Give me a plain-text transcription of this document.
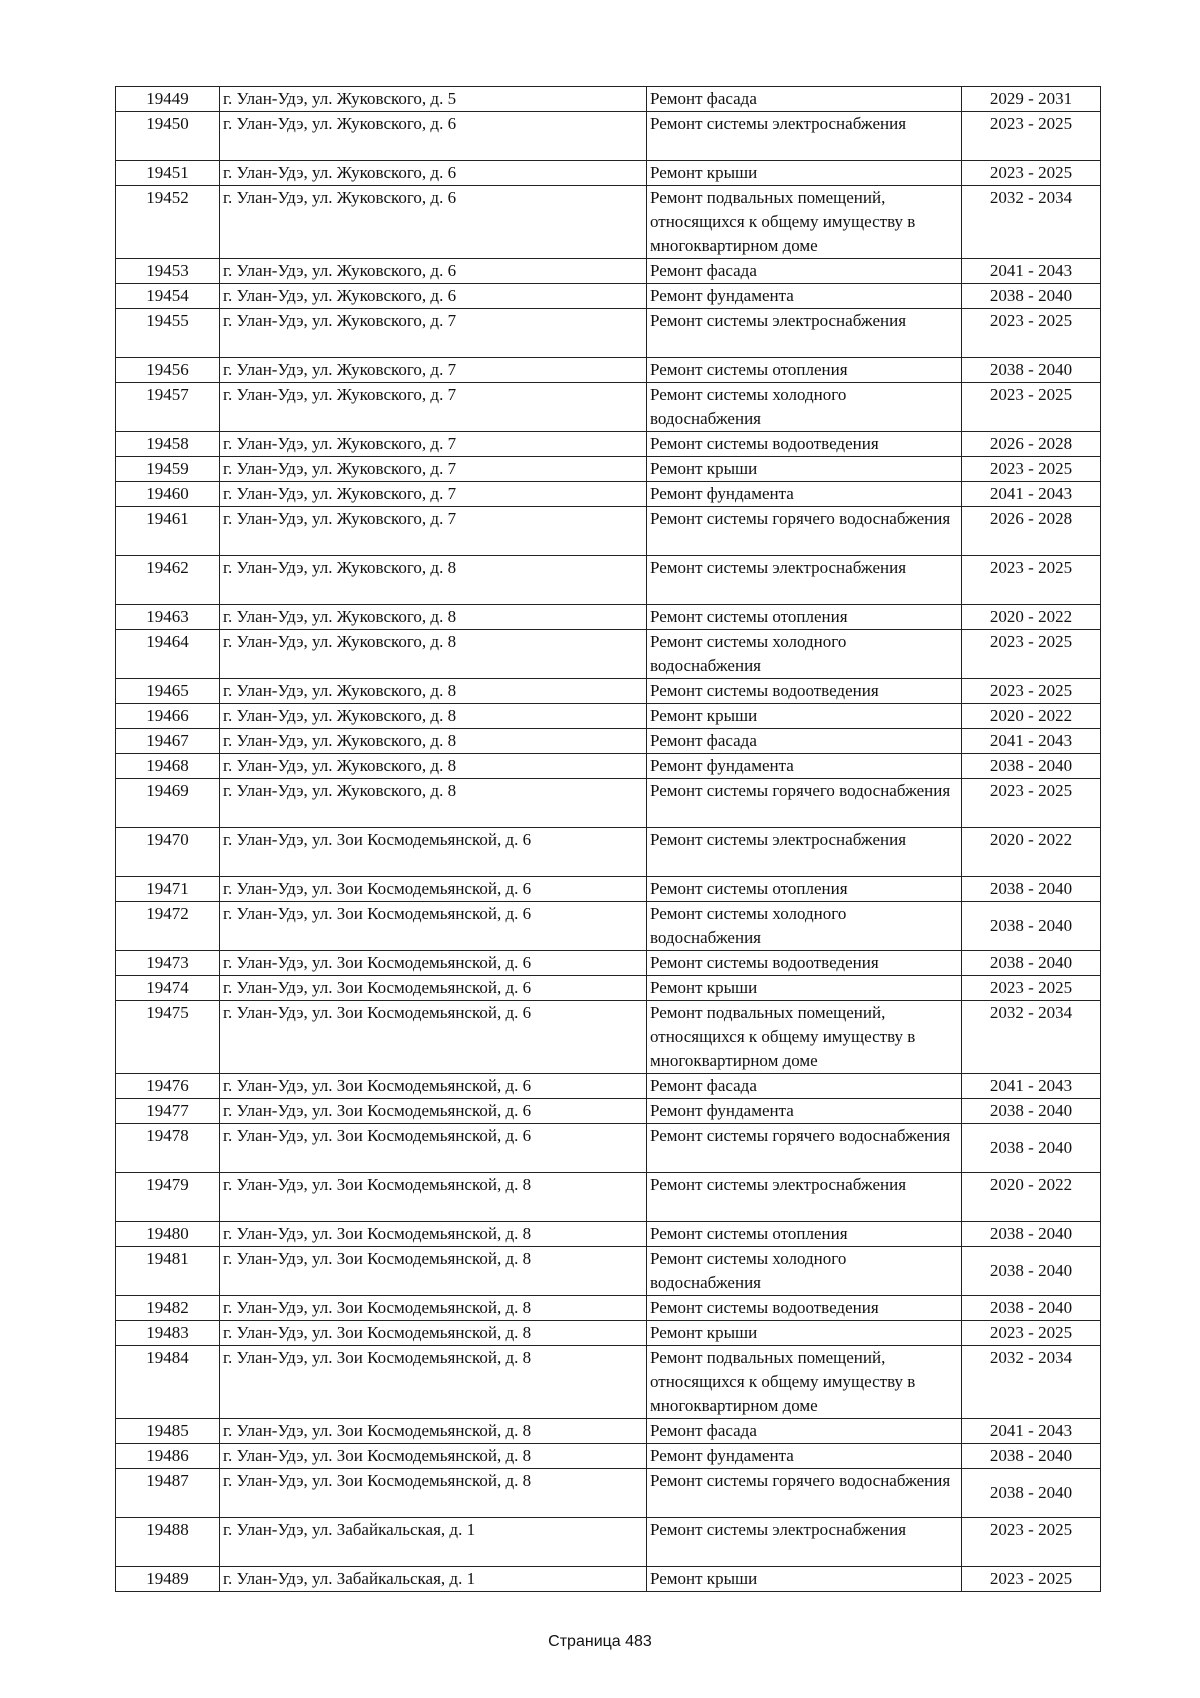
19449	г. Улан-Удэ, ул. Жуковского, д. 5	Ремонт фасада	2029 - 2031
19450	г. Улан-Удэ, ул. Жуковского, д. 6	Ремонт системы электроснабжения	2023 - 2025
19451	г. Улан-Удэ, ул. Жуковского, д. 6	Ремонт крыши	2023 - 2025
19452	г. Улан-Удэ, ул. Жуковского, д. 6	Ремонт подвальных помещений, относящихся к общему имуществу в многоквартирном доме	2032 - 2034
19453	г. Улан-Удэ, ул. Жуковского, д. 6	Ремонт фасада	2041 - 2043
19454	г. Улан-Удэ, ул. Жуковского, д. 6	Ремонт фундамента	2038 - 2040
19455	г. Улан-Удэ, ул. Жуковского, д. 7	Ремонт системы электроснабжения	2023 - 2025
19456	г. Улан-Удэ, ул. Жуковского, д. 7	Ремонт системы отопления	2038 - 2040
19457	г. Улан-Удэ, ул. Жуковского, д. 7	Ремонт системы холодного водоснабжения	2023 - 2025
19458	г. Улан-Удэ, ул. Жуковского, д. 7	Ремонт системы водоотведения	2026 - 2028
19459	г. Улан-Удэ, ул. Жуковского, д. 7	Ремонт крыши	2023 - 2025
19460	г. Улан-Удэ, ул. Жуковского, д. 7	Ремонт фундамента	2041 - 2043
19461	г. Улан-Удэ, ул. Жуковского, д. 7	Ремонт системы горячего водоснабжения	2026 - 2028
19462	г. Улан-Удэ, ул. Жуковского, д. 8	Ремонт системы электроснабжения	2023 - 2025
19463	г. Улан-Удэ, ул. Жуковского, д. 8	Ремонт системы отопления	2020 - 2022
19464	г. Улан-Удэ, ул. Жуковского, д. 8	Ремонт системы холодного водоснабжения	2023 - 2025
19465	г. Улан-Удэ, ул. Жуковского, д. 8	Ремонт системы водоотведения	2023 - 2025
19466	г. Улан-Удэ, ул. Жуковского, д. 8	Ремонт крыши	2020 - 2022
19467	г. Улан-Удэ, ул. Жуковского, д. 8	Ремонт фасада	2041 - 2043
19468	г. Улан-Удэ, ул. Жуковского, д. 8	Ремонт фундамента	2038 - 2040
19469	г. Улан-Удэ, ул. Жуковского, д. 8	Ремонт системы горячего водоснабжения	2023 - 2025
19470	г. Улан-Удэ, ул. Зои Космодемьянской, д. 6	Ремонт системы электроснабжения	2020 - 2022
19471	г. Улан-Удэ, ул. Зои Космодемьянской, д. 6	Ремонт системы отопления	2038 - 2040
19472	г. Улан-Удэ, ул. Зои Космодемьянской, д. 6	Ремонт системы холодного водоснабжения	2038 - 2040
19473	г. Улан-Удэ, ул. Зои Космодемьянской, д. 6	Ремонт системы водоотведения	2038 - 2040
19474	г. Улан-Удэ, ул. Зои Космодемьянской, д. 6	Ремонт крыши	2023 - 2025
19475	г. Улан-Удэ, ул. Зои Космодемьянской, д. 6	Ремонт подвальных помещений, относящихся к общему имуществу в многоквартирном доме	2032 - 2034
19476	г. Улан-Удэ, ул. Зои Космодемьянской, д. 6	Ремонт фасада	2041 - 2043
19477	г. Улан-Удэ, ул. Зои Космодемьянской, д. 6	Ремонт фундамента	2038 - 2040
19478	г. Улан-Удэ, ул. Зои Космодемьянской, д. 6	Ремонт системы горячего водоснабжения	2038 - 2040
19479	г. Улан-Удэ, ул. Зои Космодемьянской, д. 8	Ремонт системы электроснабжения	2020 - 2022
19480	г. Улан-Удэ, ул. Зои Космодемьянской, д. 8	Ремонт системы отопления	2038 - 2040
19481	г. Улан-Удэ, ул. Зои Космодемьянской, д. 8	Ремонт системы холодного водоснабжения	2038 - 2040
19482	г. Улан-Удэ, ул. Зои Космодемьянской, д. 8	Ремонт системы водоотведения	2038 - 2040
19483	г. Улан-Удэ, ул. Зои Космодемьянской, д. 8	Ремонт крыши	2023 - 2025
19484	г. Улан-Удэ, ул. Зои Космодемьянской, д. 8	Ремонт подвальных помещений, относящихся к общему имуществу в многоквартирном доме	2032 - 2034
19485	г. Улан-Удэ, ул. Зои Космодемьянской, д. 8	Ремонт фасада	2041 - 2043
19486	г. Улан-Удэ, ул. Зои Космодемьянской, д. 8	Ремонт фундамента	2038 - 2040
19487	г. Улан-Удэ, ул. Зои Космодемьянской, д. 8	Ремонт системы горячего водоснабжения	2038 - 2040
19488	г. Улан-Удэ, ул. Забайкальская, д. 1	Ремонт системы электроснабжения	2023 - 2025
19489	г. Улан-Удэ, ул. Забайкальская, д. 1	Ремонт крыши	2023 - 2025
Страница 483
